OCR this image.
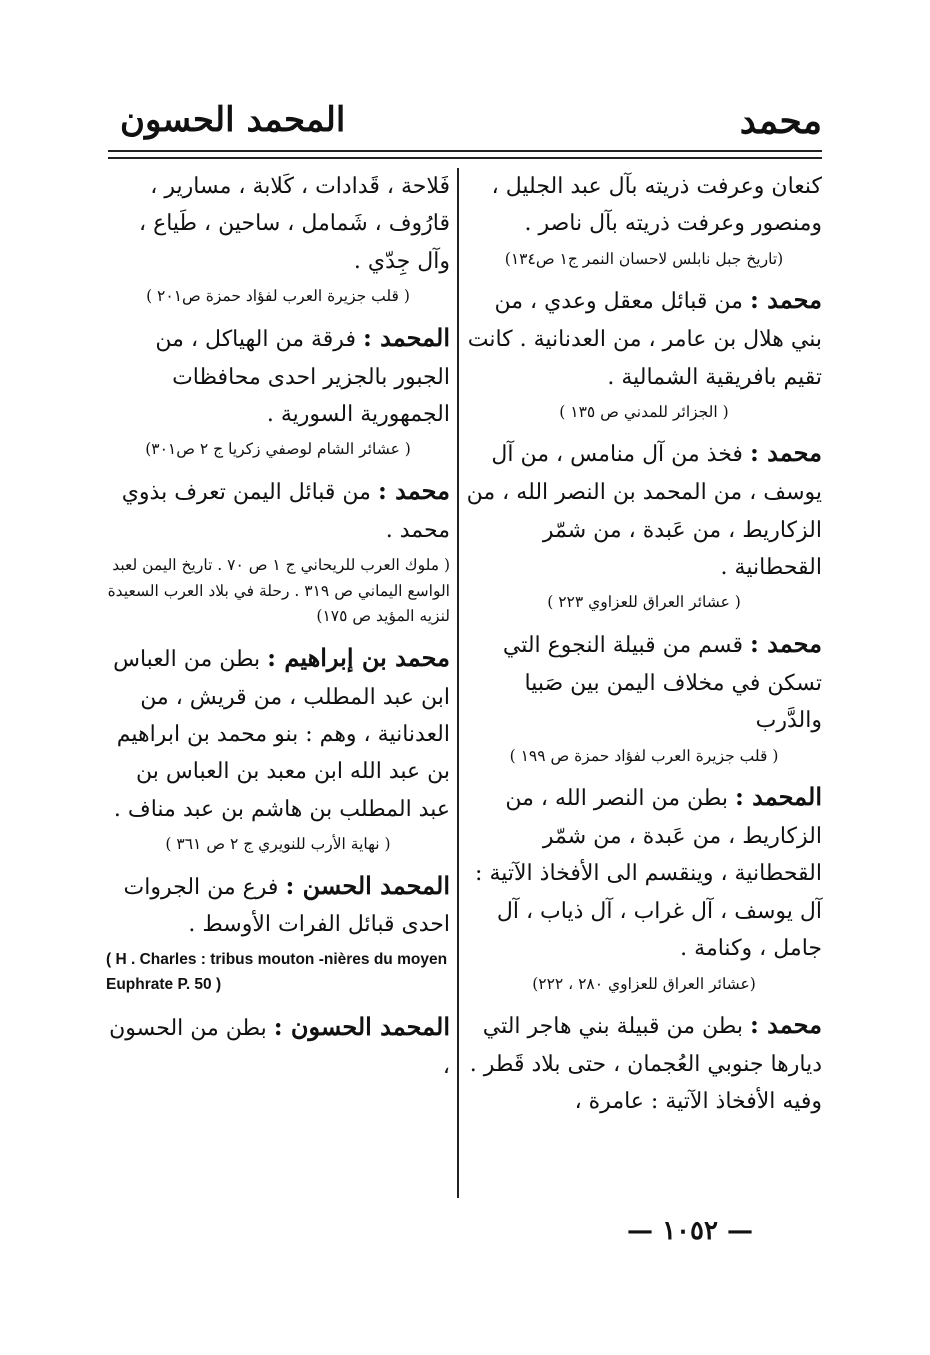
محمد
المحمد الحسون

كنعان وعرفت ذريته بآل عبد الجليل ، ومنصور وعرفت ذريته بآل ناصر .

(تاريخ جبل نابلس لاحسان النمر ج١ ص١٣٤)

محمد : من قبائل معقل وعدي ، من بني هلال بن عامر ، من العدنانية . كانت تقيم بافريقية الشمالية .

( الجزائر للمدني ص ١٣٥ )

محمد : فخذ من آل منامس ، من آل يوسف ، من المحمد بن النصر الله ، من الزكاريط ، من عَبدة ، من شمّر القحطانية .

( عشائر العراق للعزاوي ٢٢٣ )

محمد : قسم من قبيلة النجوع التي تسكن في مخلاف اليمن بين صَبيا والدَّرب

( قلب جزيرة العرب لفؤاد حمزة ص ١٩٩ )

المحمد : بطن من النصر الله ، من الزكاريط ، من عَبدة ، من شمّر القحطانية ، وينقسم الى الأفخاذ الآتية : آل يوسف ، آل غراب ، آل ذياب ، آل جامل ، وكنامة .

(عشائر العراق للعزاوي ٢٨٠ ، ٢٢٢)

محمد : بطن من قبيلة بني هاجر التي ديارها جنوبي العُجمان ، حتى بلاد قَطر . وفيه الأفخاذ الآتية : عامرة ،

فَلاحة ، قَدادات ، كَلابة ، مسارير ، قارُوف ، شَمامل ، ساحين ، طَياع ، وآل جِدّي .

( قلب جزيرة العرب لفؤاد حمزة ص٢٠١ )

المحمد : فرقة من الهياكل ، من الجبور بالجزير احدى محافظات الجمهورية السورية .

( عشائر الشام لوصفي زكريا ج ٢ ص٣٠١)

محمد : من قبائل اليمن تعرف بذوي محمد .

( ملوك العرب للريحاني ج ١ ص ٧٠ . تاريخ اليمن لعبد الواسع اليماني ص ٣١٩ . رحلة في بلاد العرب السعيدة لنزيه المؤيد ص ١٧٥)

محمد بن إبراهيم : بطن من العباس ابن عبد المطلب ، من قريش ، من العدنانية ، وهم : بنو محمد بن ابراهيم بن عبد الله ابن معبد بن العباس بن عبد المطلب بن هاشم بن عبد مناف .

( نهاية الأرب للنويري ج ٢ ص ٣٦١ )

المحمد الحسن : فرع من الجروات احدى قبائل الفرات الأوسط .

( H . Charles : tribus mouton -nières du moyen Euphrate P. 50 )

المحمد الحسون : بطن من الحسون ،

— ١٠٥٢ —
